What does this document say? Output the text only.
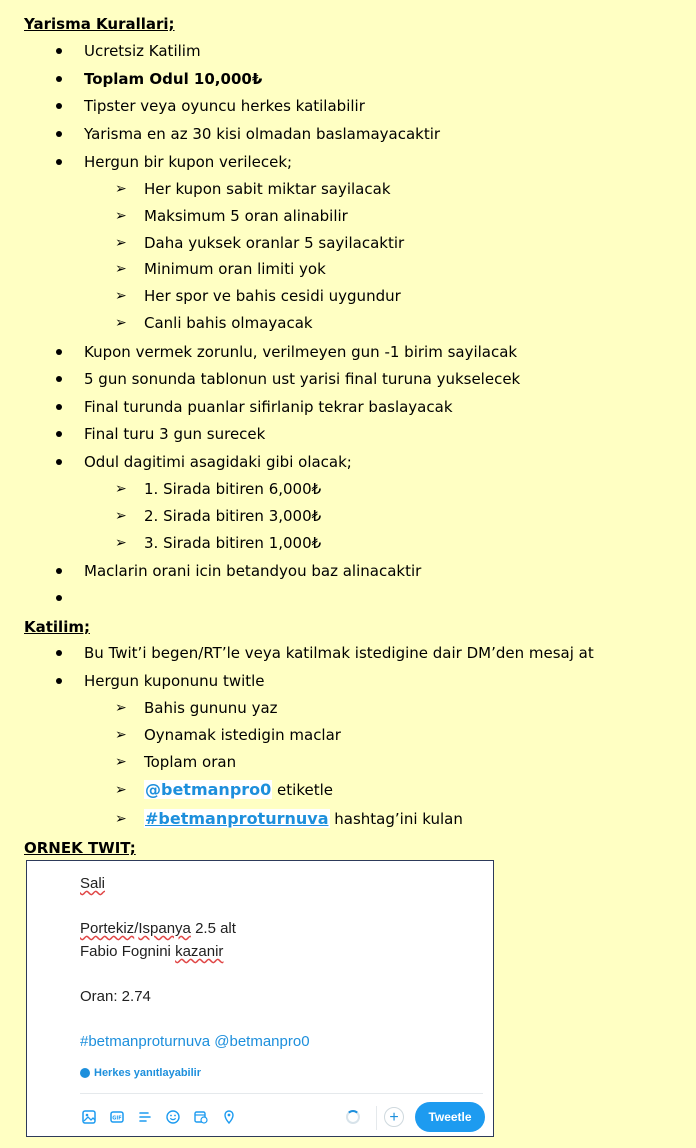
Yarisma Kurallari;
Ucretsiz Katilim
Toplam Odul 10,000₺
Tipster veya oyuncu herkes katilabilir
Yarisma en az 30 kisi olmadan baslamayacaktir
Hergun bir kupon verilecek;
➢ Her kupon sabit miktar sayilacak
➢ Maksimum 5 oran alinabilir
➢ Daha yuksek oranlar 5 sayilacaktir
➢ Minimum oran limiti yok
➢ Her spor ve bahis cesidi uygundur
➢ Canli bahis olmayacak
Kupon vermek zorunlu, verilmeyen gun -1 birim sayilacak
5 gun sonunda tablonun ust yarisi final turuna yukselecek
Final turunda puanlar sifirlanip tekrar baslayacak
Final turu 3 gun surecek
Odul dagitimi asagidaki gibi olacak;
➢ 1. Sirada bitiren 6,000₺
➢ 2. Sirada bitiren 3,000₺
➢ 3. Sirada bitiren 1,000₺
Maclarin orani icin betandyou baz alinacaktir
Katilim;
Bu Twit’i begen/RT’le veya katilmak istedigine dair DM’den mesaj at
Hergun kuponunu twitle
➢ Bahis gununu yaz
➢ Oynamak istedigin maclar
➢ Toplam oran
➢ @betmanpro0 etiketle
➢ #betmanproturnuva hashtag’ini kulan
ORNEK TWIT;
Sali
Portekiz/Ispanya 2.5 alt
Fabio Fognini kazanir
Oran: 2.74
#betmanproturnuva @betmanpro0
Herkes yanıtlayabilir
GIF	+	Tweetle
